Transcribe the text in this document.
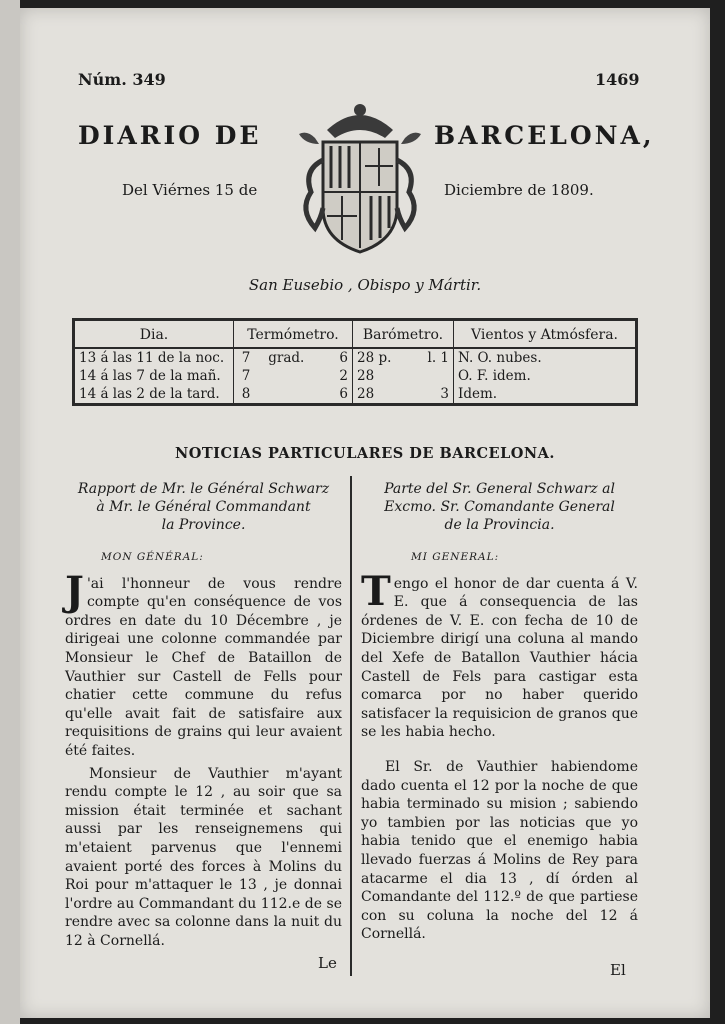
Núm. 349	1469
DIARIO DE	BARCELONA,
Del Viérnes 15 de	Diciembre de 1809.
San Eusebio , Obispo y Mártir.
Dia.	Termómetro.	Barómetro.	Vientos y Atmósfera.
13 á las 11 de la noc.	7 grad. 6	28 p. l. 1	N. O. nubes.
14 á las 7 de la mañ.	7 2	28	O. F. idem.
14 á las 2 de la tard.	8 6	28 3	Idem.
NOTICIAS PARTICULARES DE BARCELONA.
Rapport de Mr. le Général Schwarz
à Mr. le Général Commandant
la Province.
MON GÉNÉRAL:

J 'ai l'honneur de vous rendre compte qu'en conséquence de vos ordres en date du 10 Décembre , je dirigeai une colonne commandée par Monsieur le Chef de Bataillon de Vauthier sur Castell de Fells pour chatier cette commune du refus qu'elle avait fait de satisfaire aux requisitions de grains qui leur avaient été faites.

Monsieur de Vauthier m'ayant rendu compte le 12 , au soir que sa mission était terminée et sachant aussi par les renseignemens qui m'etaient parvenus que l'ennemi avaient porté des forces à Molins du Roi pour m'attaquer le 13 , je donnai l'ordre au Commandant du 112.e de se rendre avec sa colonne dans la nuit du 12 à Cornellá.

Parte del Sr. General Schwarz al
Excmo. Sr. Comandante General
de la Provincia.
MI GENERAL:

Tengo el honor de dar cuenta á V. E. que á consequencia de las órdenes de V. E. con fecha de 10 de Diciembre dirigí una coluna al mando del Xefe de Batallon Vauthier hácia Castell de Fels para castigar esta comarca por no haber querido satisfacer la requisicion de granos que se les habia hecho.

El Sr. de Vauthier habiendome dado cuenta el 12 por la noche de que habia terminado su mision ; sabiendo yo tambien por las noticias que yo habia tenido que el enemigo habia llevado fuerzas á Molins de Rey para atacarme el dia 13 , dí órden al Comandante del 112.º de que partiese con su coluna la noche del 12 á Cornellá.

Le	El
